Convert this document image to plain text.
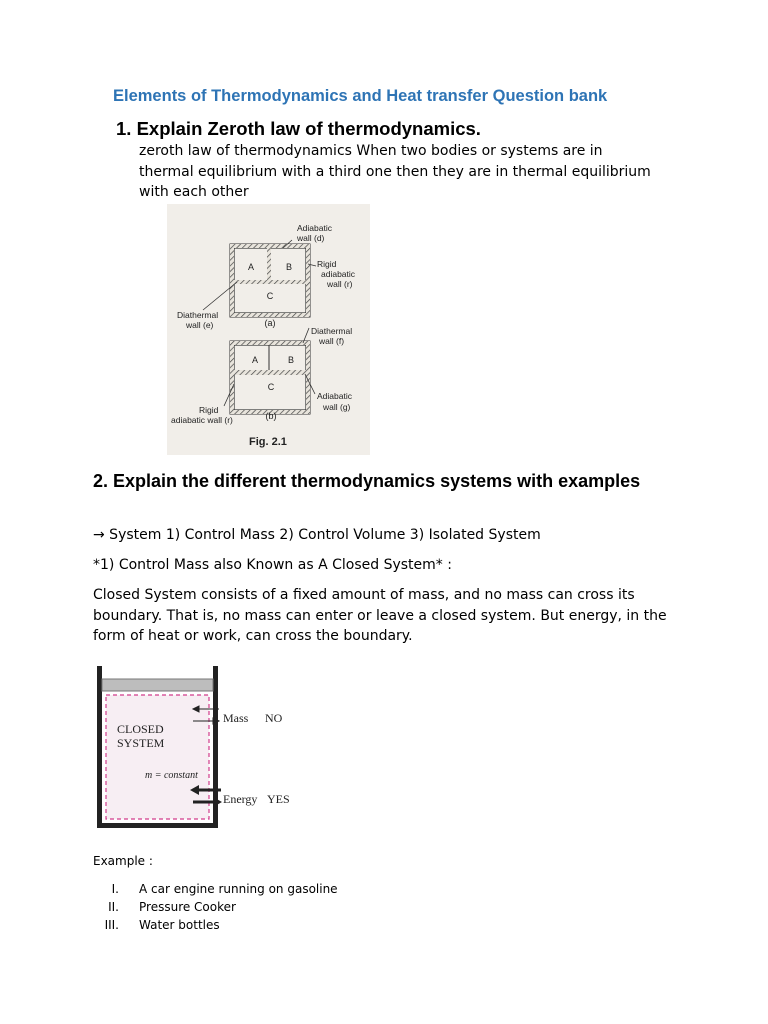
Elements of Thermodynamics and Heat transfer Question bank
1. Explain Zeroth law of thermodynamics.
zeroth law of thermodynamics When two bodies or systems are in thermal equilibrium with a third one then they are in thermal equilibrium with each other
A	B
C
(a)
A	B
C
(b)
Adiabatic
wall (d)
Rigid
adiabatic
wall (r)
Diathermal
wall (e)
Diathermal
wall (f)
Adiabatic
wall (g)
Rigid
adiabatic wall (r)
Fig. 2.1
2. Explain the different thermodynamics systems with examples
→ System 1) Control Mass 2) Control Volume 3) Isolated System
*1) Control Mass also Known as A Closed System* :
Closed System consists of a fixed amount of mass, and no mass can cross its boundary. That is, no mass can enter or leave a closed system. But energy, in the form of heat or work, can cross the boundary.
CLOSED
SYSTEM
m = constant
Mass NO
Energy YES
Example :
I. A car engine running on gasoline
II. Pressure Cooker
III. Water bottles
